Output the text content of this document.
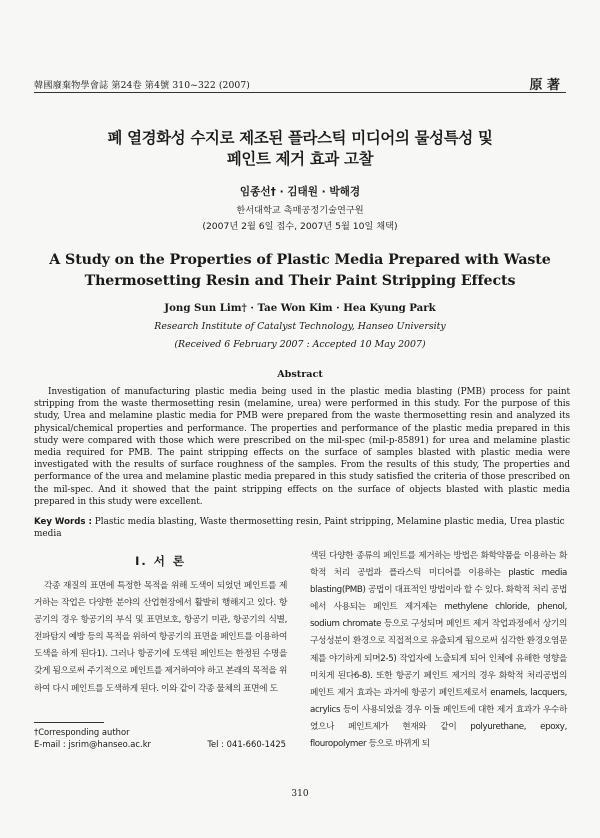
韓國廢棄物學會誌 第24卷 第4號 310~322 (2007)	原 著
폐 열경화성 수지로 제조된 플라스틱 미디어의 물성특성 및
페인트 제거 효과 고찰
임종선† · 김태원 · 박해경
한서대학교 촉매공정기술연구원
(2007년 2월 6일 접수, 2007년 5월 10일 채택)
A Study on the Properties of Plastic Media Prepared with Waste
Thermosetting Resin and Their Paint Stripping Effects
Jong Sun Lim† · Tae Won Kim · Hea Kyung Park
Research Institute of Catalyst Technology, Hanseo University
(Received 6 February 2007 : Accepted 10 May 2007)
Abstract
Investigation of manufacturing plastic media being used in the plastic media blasting (PMB) process for paint stripping from the waste thermosetting resin (melamine, urea) were performed in this study. For the purpose of this study, Urea and melamine plastic media for PMB were prepared from the waste thermosetting resin and analyzed its physical/chemical properties and performance. The properties and performance of the plastic media prepared in this study were compared with those which were prescribed on the mil-spec (mil-p-85891) for urea and melamine plastic media required for PMB. The paint stripping effects on the surface of samples blasted with plastic media were investigated with the results of surface roughness of the samples. From the results of this study, The properties and performance of the urea and melamine plastic media prepared in this study satisfied the criteria of those prescribed on the mil-spec. And it showed that the paint stripping effects on the surface of objects blasted with plastic media prepared in this study were excellent.
Key Words : Plastic media blasting, Waste thermosetting resin, Paint stripping, Melamine plastic media, Urea plastic media
I. 서 론
각종 재질의 표면에 특정한 목적을 위해 도색이 되었던 페인트를 제거하는 작업은 다양한 분야의 산업현장에서 활발히 행해지고 있다. 항공기의 경우 항공기의 부식 및 표면보호, 항공기 미관, 항공기의 식별, 전파탐지 예방 등의 목적을 위하여 항공기의 표면을 페인트를 이용하여 도색을 하게 된다1). 그러나 항공기에 도색된 페인트는 한정된 수명을 갖게 됨으로써 주기적으로 페인트를 제거하여야 하고 본래의 목적을 위하여 다시 페인트를 도색하게 된다. 이와 같이 각종 물체의 표면에 도
색된 다양한 종류의 페인트를 제거하는 방법은 화학약품을 이용하는 화학적 처리 공법과 플라스틱 미디어를 이용하는 plastic media blasting(PMB) 공법이 대표적인 방법이라 할 수 있다. 화학적 처리 공법에서 사용되는 페인트 제거제는 methylene chloride, phenol, sodium chromate 등으로 구성되며 페인트 제거 작업과정에서 상기의 구성성분이 환경으로 직접적으로 유출되게 됨으로써 심각한 환경오염문제를 야기하게 되며2-5) 작업자에 노출되게 되어 인체에 유해한 영향을 미치게 된다6-8). 또한 항공기 페인트 제거의 경우 화학적 처리공법의 페인트 제거 효과는 과거에 항공기 페인트제로서 enamels, lacquers, acrylics 등이 사용되었을 경우 이들 페인트에 대한 제거 효과가 우수하였으나 페인트제가 현재와 같이 polyurethane, epoxy, flouropolymer 등으로 바뀌게 되
†Corresponding author
E-mail : jsrim@hanseo.ac.kr	Tel : 041-660-1425
310
